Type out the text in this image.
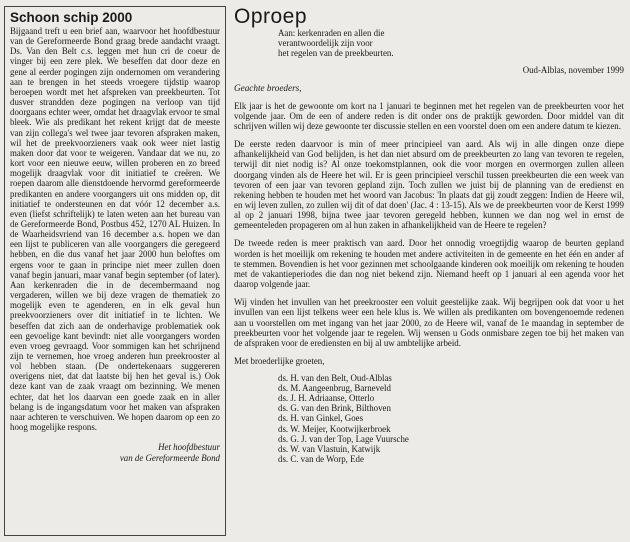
Schoon schip 2000

Bijgaand treft u een brief aan, waarvoor het hoofdbestuur van de Gereformeerde Bond graag brede aandacht vraagt. Ds. Van den Belt c.s. leggen met hun cri de coeur de vinger bij een zere plek. We beseffen dat door deze en gene al eerder pogingen zijn ondernomen om verandering aan te brengen in het steeds vroegere tijdstip waarop beroepen wordt met het afspreken van preekbeurten. Tot dusver strandden deze pogingen na verloop van tijd doorgaans echter weer, omdat het draagvlak ervoor te smal bleek. Wie als predikant het rekent krijgt dat de meeste van zijn collega's wel twee jaar tevoren afspraken maken, wil het de preekvoorzieners vaak ook weer niet lastig maken door dat voor te weigeren. Vandaar dat we nu, zo kort voor een nieuwe eeuw, willen proberen en zo breed mogelijk draagvlak voor dit initiatief te creëren. We roepen daarom alle dienstdoende hervormd gereformeerde predikanten en andere voorgangers uit ons midden op, dit initiatief te ondersteunen en dat vóór 12 december a.s. even (liefst schriftelijk) te laten weten aan het bureau van de Gereformeerde Bond, Postbus 452, 1270 AL Huizen. In de Waarheidsvriend van 16 december a.s. hopen we dan een lijst te publiceren van alle voorgangers die geregeerd hebben, en die dus vanaf het jaar 2000 hun beloftes om ergens voor te gaan in principe niet meer zullen doen vanaf begin januari, maar vanaf begin september (of later). Aan kerkenraden die in de decembermaand nog vergaderen, willen we bij deze vragen de thematiek zo mogelijk even te agenderen, en in elk geval hun preekvoorzieners over dit initiatief in te lichten. We beseffen dat zich aan de onderhavige problematiek ook een gevoelige kant bevindt: niet alle voorgangers worden even vroeg gevraagd. Voor sommigen kan het schrijnend zijn te vernemen, hoe vroeg anderen hun preekrooster al vol hebben staan. (De ondertekenaars suggereren overigens niet, dat dat laatste bij hen het geval is.) Ook deze kant van de zaak vraagt om bezinning. We menen echter, dat het los daarvan een goede zaak en in aller belang is de ingangsdatum voor het maken van afspraken naar achteren te verschuiven. We hopen daarom op een zo hoog mogelijke respons.

Het hoofdbestuur
van de Gereformeerde Bond
Oproep
Aan: kerkenraden en allen die
verantwoordelijk zijn voor
het regelen van de preekbeurten.
Oud-Alblas, november 1999
Geachte broeders,

Elk jaar is het de gewoonte om kort na 1 januari te beginnen met het regelen van de preekbeurten voor het volgende jaar. Om de een of andere reden is dit onder ons de praktijk geworden. Door middel van dit schrijven willen wij deze gewoonte ter discussie stellen en een voorstel doen om een andere datum te kiezen.

De eerste reden daarvoor is min of meer principieel van aard. Als wij in alle dingen onze diepe afhankelijkheid van God belijden, is het dan niet absurd om de preekbeurten zo lang van tevoren te regelen, terwijl dit niet nodig is? Al onze toekomstplannen, ook die voor morgen en overmorgen zullen alleen doorgang vinden als de Heere het wil. Er is geen principieel verschil tussen preekbeurten die een week van tevoren of een jaar van tevoren gepland zijn. Toch zullen we juist bij de planning van de eredienst en rekening hebben te houden met het woord van Jacobus: 'In plaats dat gij zoudt zeggen: Indien de Heere wil, en wij leven zullen, zo zullen wij dit of dat doen' (Jac. 4 : 13-15). Als we de preekbeurten voor de Kerst 1999 al op 2 januari 1998, bijna twee jaar tevoren geregeld hebben, kunnen we dan nog wel in ernst de gemeenteleden propageren om al hun zaken in afhankelijkheid van de Heere te regelen?

De tweede reden is meer praktisch van aard. Door het onnodig vroegtijdig waarop de beurten gepland worden is het moeilijk om rekening te houden met andere activiteiten in de gemeente en het één en ander af te stemmen. Bovendien is het voor gezinnen met schoolgaande kinderen ook moeilijk om rekening te houden met de vakantieperiodes die dan nog niet bekend zijn. Niemand heeft op 1 januari al een agenda voor het daarop volgende jaar.

Wij vinden het invullen van het preekrooster een voluit geestelijke zaak. Wij begrijpen ook dat voor u het invullen van een lijst telkens weer een hele klus is. We willen als predikanten om bovengenoemde redenen aan u voorstellen om met ingang van het jaar 2000, zo de Heere wil, vanaf de 1e maandag in september de preekbeurten voor het volgende jaar te regelen. Wij wensen u Gods onmisbare zegen toe bij het maken van de afspraken voor de erediensten en bij al uw ambtelijke arbeid.

Met broederlijke groeten,
ds. H. van den Belt, Oud-Alblas
ds. M. Aangeenbrug, Barneveld
ds. J. H. Adriaanse, Otterlo
ds. G. van den Brink, Bilthoven
ds. H. van Ginkel, Goes
ds. W. Meijer, Kootwijkerbroek
ds. G. J. van der Top, Lage Vuursche
ds. W. van Vlastuin, Katwijk
ds. C. van de Worp, Ede
